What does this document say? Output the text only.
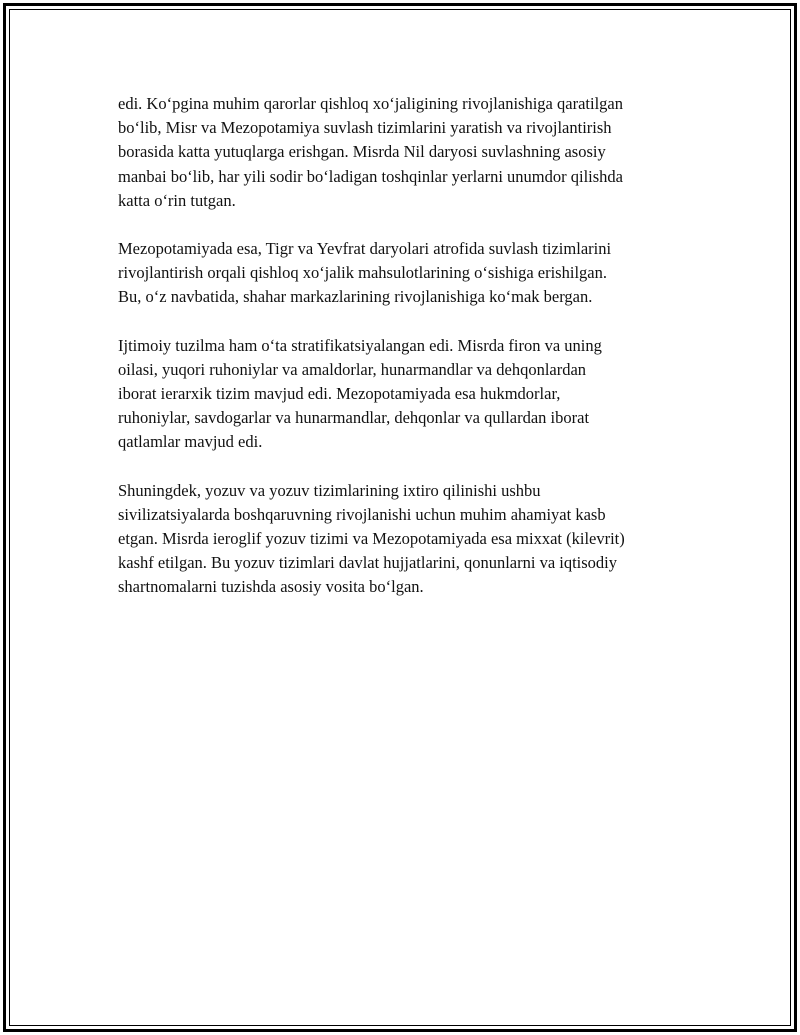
edi. Ko‘pgina muhim qarorlar qishloq xo‘jaligining rivojlanishiga qaratilgan
bo‘lib, Misr va Mezopotamiya suvlash tizimlarini yaratish va rivojlantirish
borasida katta yutuqlarga erishgan. Misrda Nil daryosi suvlashning asosiy
manbai bo‘lib, har yili sodir bo‘ladigan toshqinlar yerlarni unumdor qilishda
katta o‘rin tutgan.

Mezopotamiyada esa, Tigr va Yevfrat daryolari atrofida suvlash tizimlarini
rivojlantirish orqali qishloq xo‘jalik mahsulotlarining o‘sishiga erishilgan.
Bu, o‘z navbatida, shahar markazlarining rivojlanishiga ko‘mak bergan.

Ijtimoiy tuzilma ham o‘ta stratifikatsiyalangan edi. Misrda firon va uning
oilasi, yuqori ruhoniylar va amaldorlar, hunarmandlar va dehqonlardan
iborat ierarxik tizim mavjud edi. Mezopotamiyada esa hukmdorlar,
ruhoniylar, savdogarlar va hunarmandlar, dehqonlar va qullardan iborat
qatlamlar mavjud edi.

Shuningdek, yozuv va yozuv tizimlarining ixtiro qilinishi ushbu
sivilizatsiyalarda boshqaruvning rivojlanishi uchun muhim ahamiyat kasb
etgan. Misrda ieroglif yozuv tizimi va Mezopotamiyada esa mixxat (kilevrit)
kashf etilgan. Bu yozuv tizimlari davlat hujjatlarini, qonunlarni va iqtisodiy
shartnomalarni tuzishda asosiy vosita bo‘lgan.
